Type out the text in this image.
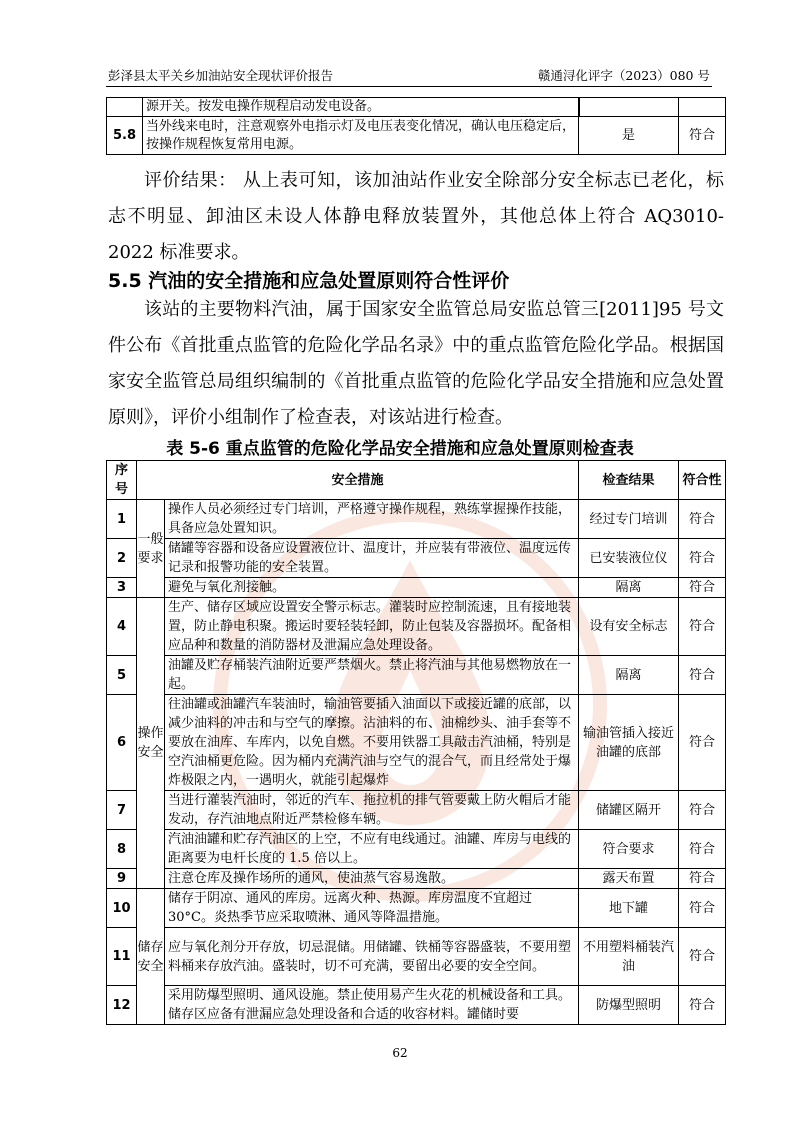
彭泽县太平关乡加油站安全现状评价报告	赣通浔化评字（2023）080 号
	源开关。按发电操作规程启动发电设备。		
5.8	当外线来电时，注意观察外电指示灯及电压表变化情况，确认电压稳定后，按操作规程恢复常用电源。	是	符合
评价结果： 从上表可知，该加油站作业安全除部分安全标志已老化，标志不明显、卸油区未设人体静电释放装置外，其他总体上符合 AQ3010-2022 标准要求。
5.5 汽油的安全措施和应急处置原则符合性评价
该站的主要物料汽油，属于国家安全监管总局安监总管三[2011]95 号文件公布《首批重点监管的危险化学品名录》中的重点监管危险化学品。根据国家安全监管总局组织编制的《首批重点监管的危险化学品安全措施和应急处置原则》，评价小组制作了检查表，对该站进行检查。
表 5-6 重点监管的危险化学品安全措施和应急处置原则检查表
序号	安全措施		检查结果	符合性
1	一般要求	操作人员必须经过专门培训，严格遵守操作规程，熟练掌握操作技能，具备应急处置知识。	经过专门培训	符合
2		储罐等容器和设备应设置液位计、温度计，并应装有带液位、温度远传记录和报警功能的安全装置。	已安装液位仪	符合
3		避免与氧化剂接触。	隔离	符合
4	操作安全	生产、储存区域应设置安全警示标志。灌装时应控制流速，且有接地装置，防止静电积聚。搬运时要轻装轻卸，防止包装及容器损坏。配备相应品种和数量的消防器材及泄漏应急处理设备。	设有安全标志	符合
5		油罐及贮存桶装汽油附近要严禁烟火。禁止将汽油与其他易燃物放在一起。	隔离	符合
6		往油罐或油罐汽车装油时，输油管要插入油面以下或接近罐的底部，以减少油料的冲击和与空气的摩擦。沾油料的布、油棉纱头、油手套等不要放在油库、车库内，以免自燃。不要用铁器工具敲击汽油桶，特别是空汽油桶更危险。因为桶内充满汽油与空气的混合气，而且经常处于爆炸极限之内，一遇明火，就能引起爆炸	输油管插入接近油罐的底部	符合
7		当进行灌装汽油时，邻近的汽车、拖拉机的排气管要戴上防火帽后才能发动，存汽油地点附近严禁检修车辆。	储罐区隔开	符合
8		汽油油罐和贮存汽油区的上空，不应有电线通过。油罐、库房与电线的距离要为电杆长度的 1.5 倍以上。	符合要求	符合
9		注意仓库及操作场所的通风，使油蒸气容易逸散。	露天布置	符合
10	储存安全	储存于阴凉、通风的库房。远离火种、热源。库房温度不宜超过 30°C。炎热季节应采取喷淋、通风等降温措施。	地下罐	符合
11		应与氧化剂分开存放，切忌混储。用储罐、铁桶等容器盛装，不要用塑料桶来存放汽油。盛装时，切不可充满，要留出必要的安全空间。	不用塑料桶装汽油	符合
12		采用防爆型照明、通风设施。禁止使用易产生火花的机械设备和工具。储存区应备有泄漏应急处理设备和合适的收容材料。罐储时要	防爆型照明	符合
62
